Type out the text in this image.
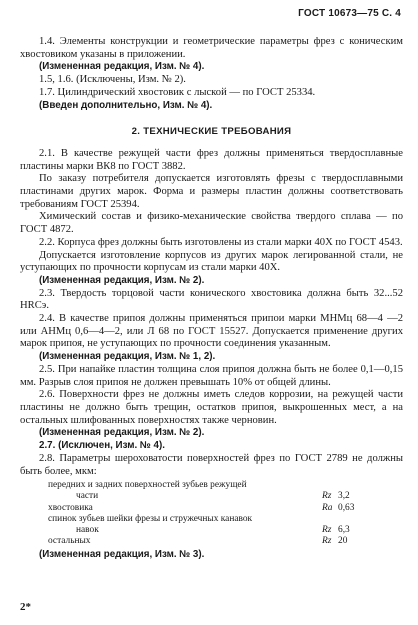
ГОСТ 10673—75 С. 4

1.4. Элементы конструкции и геометрические параметры фрез с коническим хвостовиком указаны в приложении.

(Измененная редакция, Изм. № 4).

1.5, 1.6. (Исключены, Изм. № 2).

1.7. Цилиндрический хвостовик с лыской — по ГОСТ 25334.

(Введен дополнительно, Изм. № 4).

2. ТЕХНИЧЕСКИЕ ТРЕБОВАНИЯ

2.1. В качестве режущей части фрез должны применяться твердосплавные пластины марки ВК8 по ГОСТ 3882.

По заказу потребителя допускается изготовлять фрезы с твердосплавными пластинами других марок. Форма и размеры пластин должны соответствовать требованиям ГОСТ 25394.

Химический состав и физико-механические свойства твердого сплава — по ГОСТ 4872.

2.2. Корпуса фрез должны быть изготовлены из стали марки 40Х по ГОСТ 4543.

Допускается изготовление корпусов из других марок легированной стали, не уступающих по прочности корпусам из стали марки 40Х.

(Измененная редакция, Изм. № 2).

2.3. Твердость торцовой части конического хвостовика должна быть 32...52 HRCэ.

2.4. В качестве припоя должны применяться припои марки МНМц 68—4 —2 или АНМц 0,6—4—2, или Л 68 по ГОСТ 15527. Допускается применение других марок припоя, не уступающих по прочности соединения указанным.

(Измененная редакция, Изм. № 1, 2).

2.5. При напайке пластин толщина слоя припоя должна быть не более 0,1—0,15 мм. Разрыв слоя припоя не должен превышать 10% от общей длины.

2.6. Поверхности фрез не должны иметь следов коррозии, на режущей части пластины не должно быть трещин, остатков припоя, выкрошенных мест, а на остальных шлифованных поверхностях также черновин.

(Измененная редакция, Изм. № 2).

2.7. (Исключен, Изм. № 4).

2.8. Параметры шероховатости поверхностей фрез по ГОСТ 2789 не должны быть более, мкм:

передних и задних поверхностей зубьев режущей
части	Rz 3,2
хвостовика	Ra 0,63
спинок зубьев шейки фрезы и стружечных канавок
навок	Rz 6,3
остальных	Rz 20

(Измененная редакция, Изм. № 3).

2*
